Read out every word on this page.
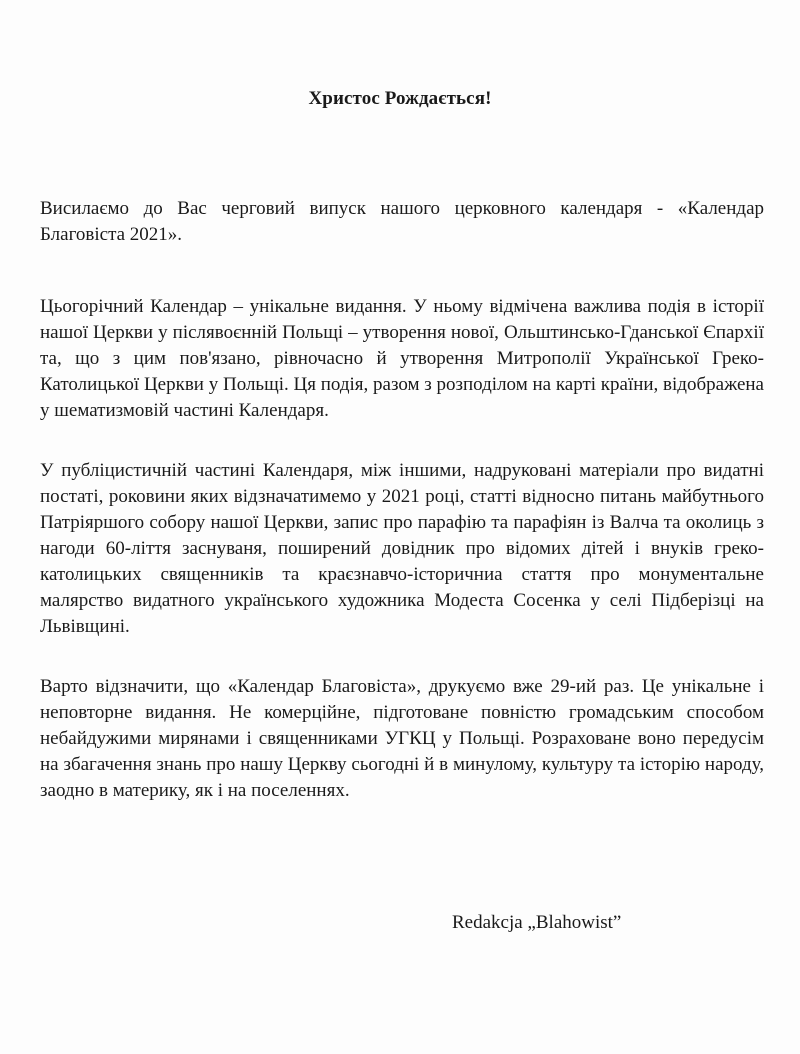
Христос Рождається!
Висилаємо до Вас черговий випуск нашого церковного календаря - «Календар Благовіста 2021».
Цьогорічний Календар – унікальне видання. У ньому відмічена важлива подія в історії нашої Церкви у післявоєнній Польщі – утворення нової, Ольштинсько-Гданської Єпархії та, що з цим пов'язано, рівночасно й утворення Митрополії Української Греко-Католицької Церкви у Польщі. Ця подія, разом з розподілом на карті країни, відображена у шематизмовій частині Календаря.
У публіцистичній частині Календаря, між іншими, надруковані матеріали про видатні постаті, роковини яких відзначатимемо у 2021 році, статті відносно питань майбутнього Патріяршого собору нашої Церкви, запис про парафію та парафіян із Валча та околиць з нагоди 60-ліття заснуваня, поширений довідник про відомих дітей і внуків греко-католицьких священників та краєзнавчо-історичниа стаття про монументальне малярство видатного українського художника Модеста Сосенка у селі Підберізці на Львівщині.
Варто відзначити, що «Календар Благовіста», друкуємо вже 29-ий раз. Це унікальне і неповторне видання. Не комерційне, підготоване повністю громадським способом небайдужими мирянами і священниками УГКЦ у Польщі. Розраховане воно передусім на збагачення знань про нашу Церкву сьогодні й в минулому, культуру та історію народу, заодно в материку, як і на поселеннях.
Redakcja „Blahowist”
